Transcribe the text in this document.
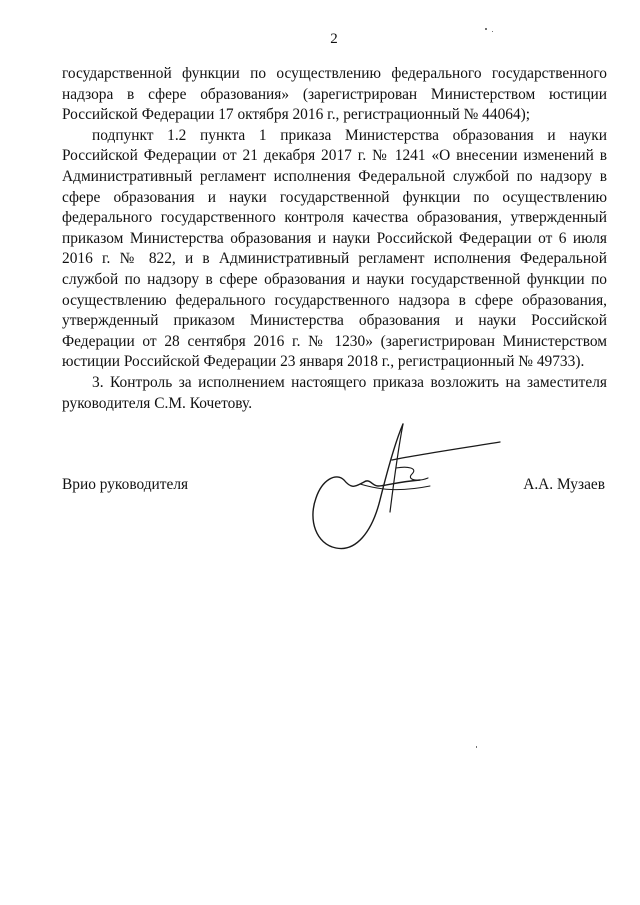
2

государственной функции по осуществлению федерального государственного надзора в сфере образования» (зарегистрирован Министерством юстиции Российской Федерации 17 октября 2016 г., регистрационный № 44064);

подпункт 1.2 пункта 1 приказа Министерства образования и науки Российской Федерации от 21 декабря 2017 г. № 1241 «О внесении изменений в Административный регламент исполнения Федеральной службой по надзору в сфере образования и науки государственной функции по осуществлению федерального государственного контроля качества образования, утвержденный приказом Министерства образования и науки Российской Федерации от 6 июля 2016 г. № 822, и в Административный регламент исполнения Федеральной службой по надзору в сфере образования и науки государственной функции по осуществлению федерального государственного надзора в сфере образования, утвержденный приказом Министерства образования и науки Российской Федерации от 28 сентября 2016 г. № 1230» (зарегистрирован Министерством юстиции Российской Федерации 23 января 2018 г., регистрационный № 49733).

3. Контроль за исполнением настоящего приказа возложить на заместителя руководителя С.М. Кочетову.

Врио руководителя	А.А. Музаев
